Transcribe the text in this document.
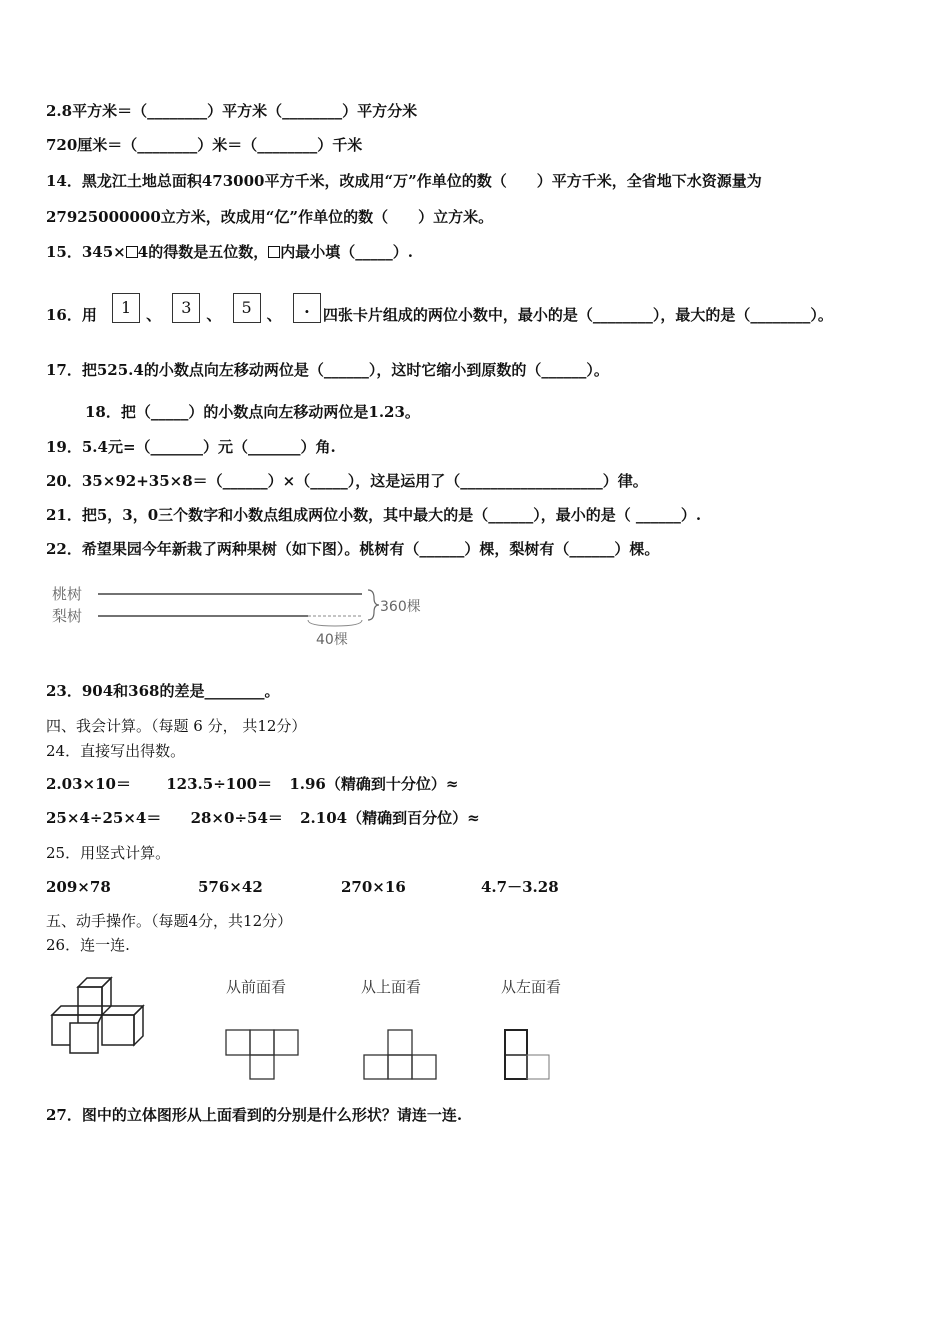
2.8平方米＝（________）平方米（________）平方分米
720厘米＝（________）米＝（________）千米
14．黑龙江土地总面积473000平方千米，改成用“万”作单位的数（　　）平方千米，全省地下水资源量为
27925000000立方米，改成用“亿”作单位的数（　　）立方米。
15．345× 4的得数是五位数， 内最小填（_____）.
16．用 1 、 3 、 5 、 . 四张卡片组成的两位小数中，最小的是（________），最大的是（________）。
17．把525.4的小数点向左移动两位是（______），这时它缩小到原数的（______）。
18．把（_____）的小数点向左移动两位是1.23。
19．5.4元=（_______）元（_______）角.
20．35×92+35×8＝（______）×（_____），这是运用了（___________________）律。
21．把5，3，0三个数字和小数点组成两位小数，其中最大的是（______），最小的是（ ______）.
22．希望果园今年新栽了两种果树（如下图）。桃树有（______）棵，梨树有（______）棵。
桃树
梨树	360棵
40棵
23．904和368的差是________。
四、我会计算。（每题 6 分， 共12分）
24．直接写出得数。
2.03×10＝ 123.5÷100＝ 1.96（精确到十分位）≈
25×4÷25×4＝ 28×0÷54＝ 2.104（精确到百分位）≈
25．用竖式计算。
209×78	576×42	270×16	4.7－3.28
五、动手操作。（每题4分，共12分）
26．连一连.
从前面看	从上面看	从左面看
27．图中的立体图形从上面看到的分别是什么形状？请连一连.
